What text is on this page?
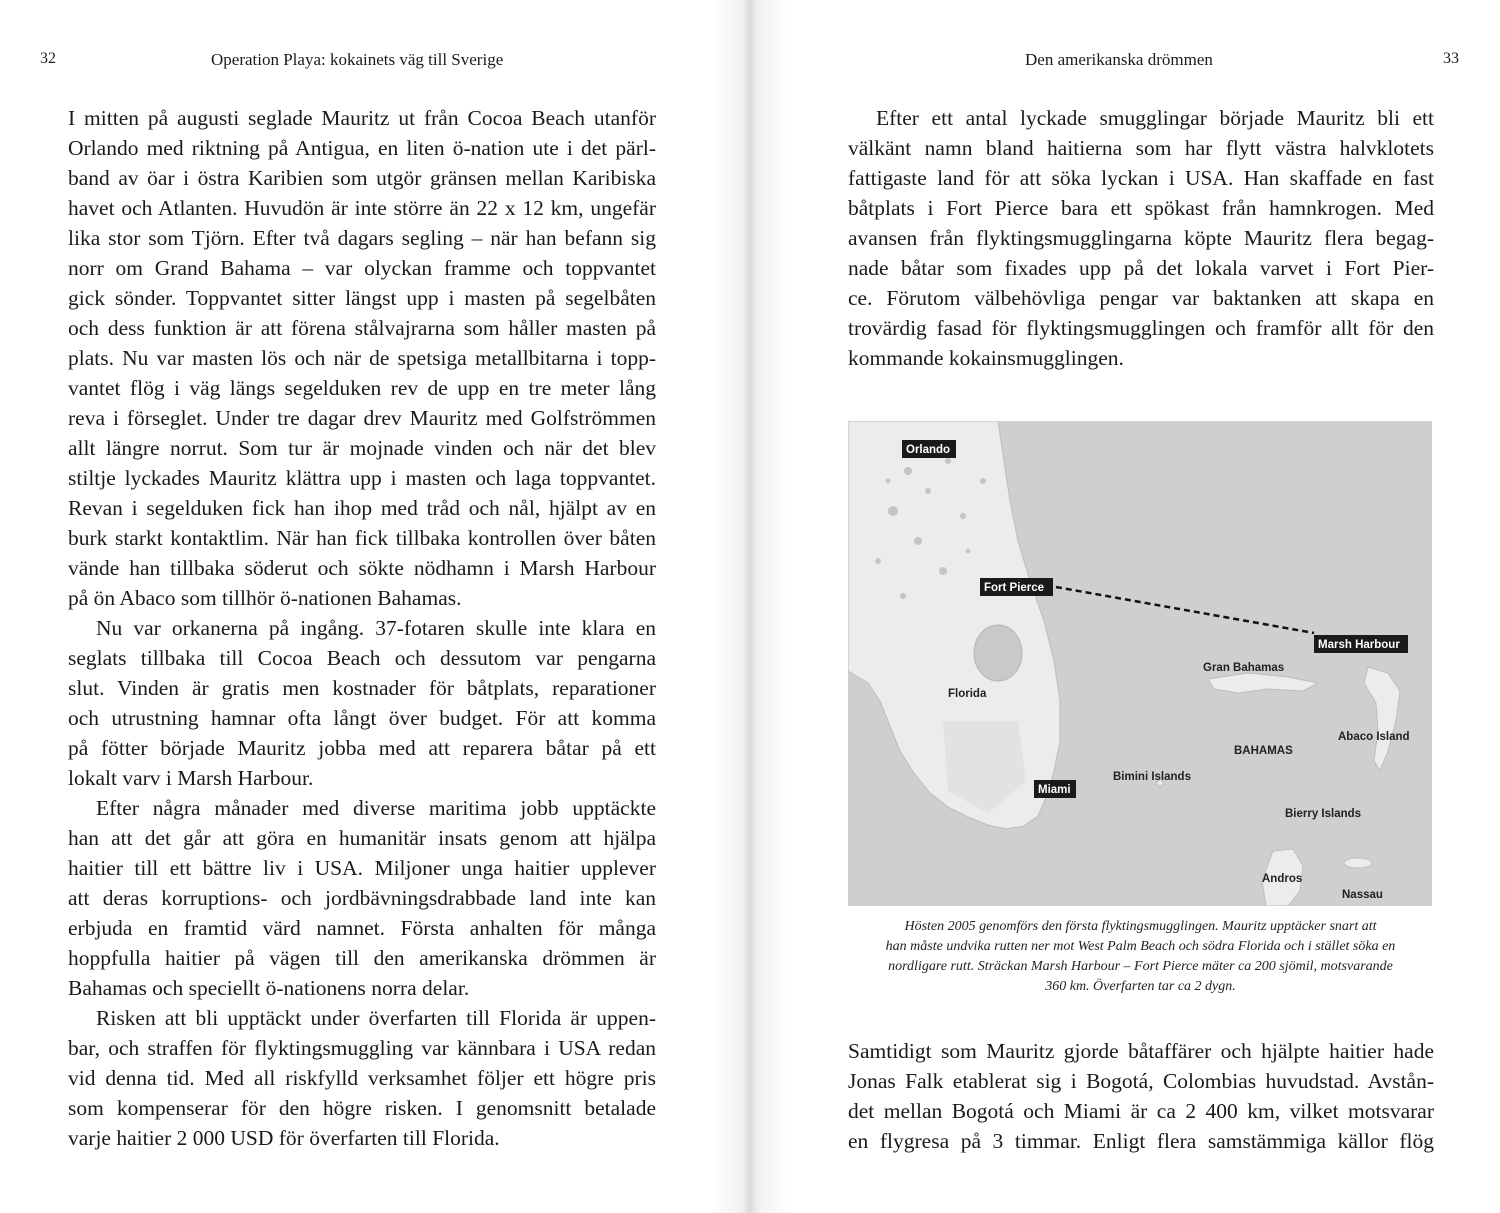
32	Operation Playa: kokainets väg till Sverige
I mitten på augusti seglade Mauritz ut från Cocoa Beach utanför
Orlando med riktning på Antigua, en liten ö-nation ute i det pärl-
band av öar i östra Karibien som utgör gränsen mellan Karibiska
havet och Atlanten. Huvudön är inte större än 22 x 12 km, ungefär
lika stor som Tjörn. Efter två dagars segling – när han befann sig
norr om Grand Bahama – var olyckan framme och toppvantet
gick sönder. Toppvantet sitter längst upp i masten på segelbåten
och dess funktion är att förena stålvajrarna som håller masten på
plats. Nu var masten lös och när de spetsiga metallbitarna i topp-
vantet flög i väg längs segelduken rev de upp en tre meter lång
reva i förseglet. Under tre dagar drev Mauritz med Golfströmmen
allt längre norrut. Som tur är mojnade vinden och när det blev
stiltje lyckades Mauritz klättra upp i masten och laga toppvantet.
Revan i segelduken fick han ihop med tråd och nål, hjälpt av en
burk starkt kontaktlim. När han fick tillbaka kontrollen över båten
vände han tillbaka söderut och sökte nödhamn i Marsh Harbour
på ön Abaco som tillhör ö-nationen Bahamas.
Nu var orkanerna på ingång. 37-fotaren skulle inte klara en
seglats tillbaka till Cocoa Beach och dessutom var pengarna
slut. Vinden är gratis men kostnader för båtplats, reparationer
och utrustning hamnar ofta långt över budget. För att komma
på fötter började Mauritz jobba med att reparera båtar på ett
lokalt varv i Marsh Harbour.
Efter några månader med diverse maritima jobb upptäckte
han att det går att göra en humanitär insats genom att hjälpa
haitier till ett bättre liv i USA. Miljoner unga haitier upplever
att deras korruptions- och jordbävningsdrabbade land inte kan
erbjuda en framtid värd namnet. Första anhalten för många
hoppfulla haitier på vägen till den amerikanska drömmen är
Bahamas och speciellt ö-nationens norra delar.
Risken att bli upptäckt under överfarten till Florida är uppen-
bar, och straffen för flyktingsmuggling var kännbara i USA redan
vid denna tid. Med all riskfylld verksamhet följer ett högre pris
som kompenserar för den högre risken. I genomsnitt betalade
varje haitier 2 000 USD för överfarten till Florida.
Den amerikanska drömmen	33
Efter ett antal lyckade smugglingar började Mauritz bli ett
välkänt namn bland haitierna som har flytt västra halvklotets
fattigaste land för att söka lyckan i USA. Han skaffade en fast
båtplats i Fort Pierce bara ett spökast från hamnkrogen. Med
avansen från flyktingsmugglingarna köpte Mauritz flera begag-
nade båtar som fixades upp på det lokala varvet i Fort Pier-
ce. Förutom välbehövliga pengar var baktanken att skapa en
trovärdig fasad för flyktingsmugglingen och framför allt för den
kommande kokainsmugglingen.
Orlando
Fort Pierce
Marsh Harbour
Miami
Gran Bahamas
Florida
BAHAMAS
Abaco Island
Bimini Islands
Bierry Islands
Andros
Nassau
Hösten 2005 genomförs den första flyktingsmugglingen. Mauritz upptäcker snart att
han måste undvika rutten ner mot West Palm Beach och södra Florida och i stället söka en
nordligare rutt. Sträckan Marsh Harbour – Fort Pierce mäter ca 200 sjömil, motsvarande
360 km. Överfarten tar ca 2 dygn.
Samtidigt som Mauritz gjorde båtaffärer och hjälpte haitier hade
Jonas Falk etablerat sig i Bogotá, Colombias huvudstad. Avstån-
det mellan Bogotá och Miami är ca 2 400 km, vilket motsvarar
en flygresa på 3 timmar. Enligt flera samstämmiga källor flög
